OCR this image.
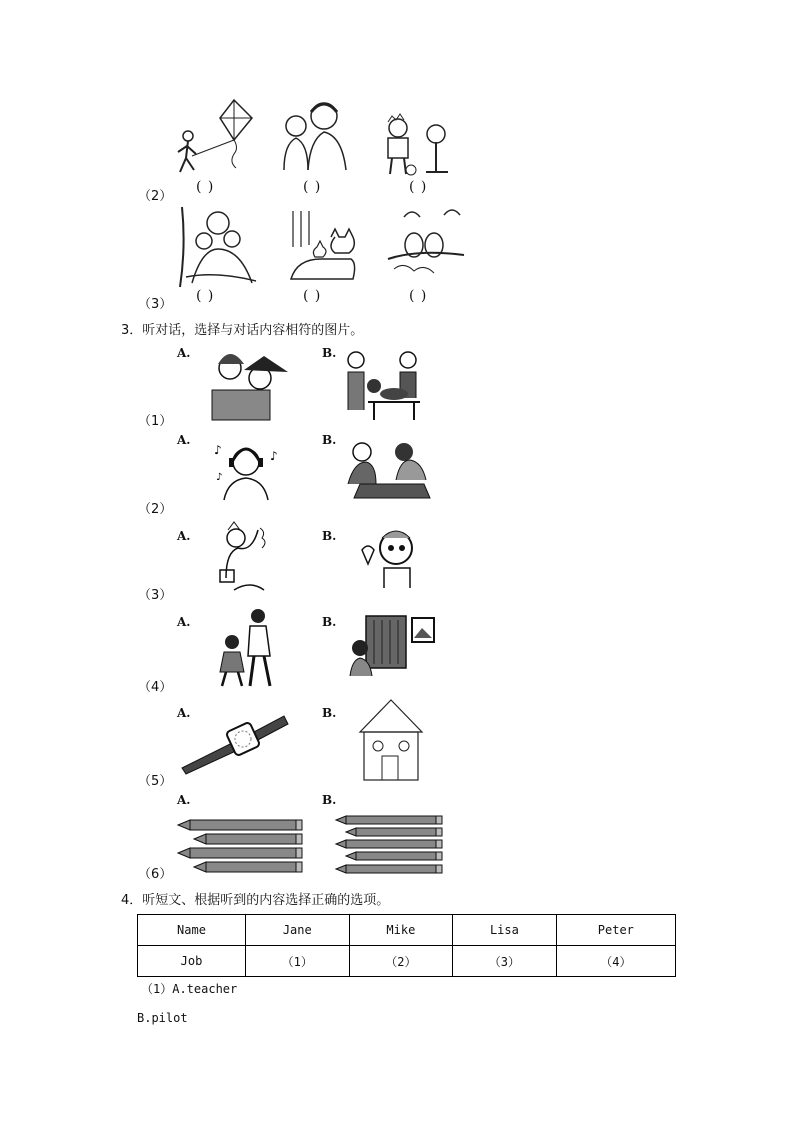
（2）
( )	( )	( )
（3）
( )	( )	( )
3．听对话，选择与对话内容相符的图片。
A.	B.
（1）
A.	B.
♪	♪
♪
（2）
A.	B.
（3）
A.	B.
（4）
A.	B.
（5）
A.	B.
（6）
4．听短文、根据听到的内容选择正确的选项。
Name	Jane	Mike	Lisa	Peter
Job	（1）	（2）	（3）	（4）
（1）A.teacher
B.pilot
